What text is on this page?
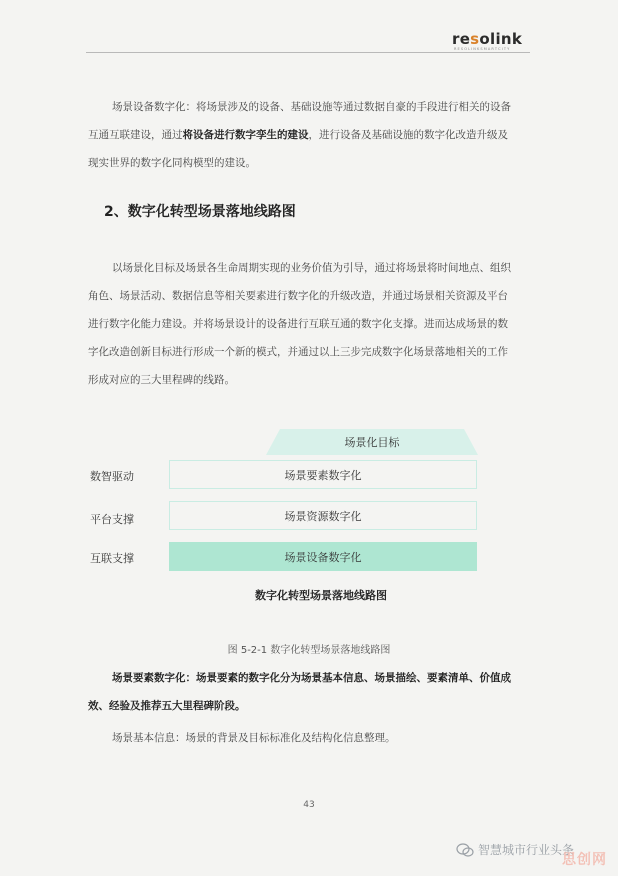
resolink
R E S O L I N K S M A R T C I T Y

场景设备数字化：将场景涉及的设备、基础设施等通过数据自豪的手段进行相关的设备
互通互联建设，通过将设备进行数字孪生的建设，进行设备及基础设施的数字化改造升级及
现实世界的数字化同构模型的建设。

2、数字化转型场景落地线路图

以场景化目标及场景各生命周期实现的业务价值为引导，通过将场景将时间地点、组织
角色、场景活动、数据信息等相关要素进行数字化的升级改造，并通过场景相关资源及平台
进行数字化能力建设。并将场景设计的设备进行互联互通的数字化支撑。进而达成场景的数
字化改造创新目标进行形成一个新的模式，并通过以上三步完成数字化场景落地相关的工作
形成对应的三大里程碑的线路。

场景化目标
数智驱动	场景要素数字化
平台支撑	场景资源数字化
互联支撑	场景设备数字化
数字化转型场景落地线路图
图 5-2-1 数字化转型场景落地线路图

场景要素数字化：场景要素的数字化分为场景基本信息、场景描绘、要素清单、价值成
效、经验及推荐五大里程碑阶段。

场景基本信息：场景的背景及目标标准化及结构化信息整理。

43
智慧城市行业头条
思创网
